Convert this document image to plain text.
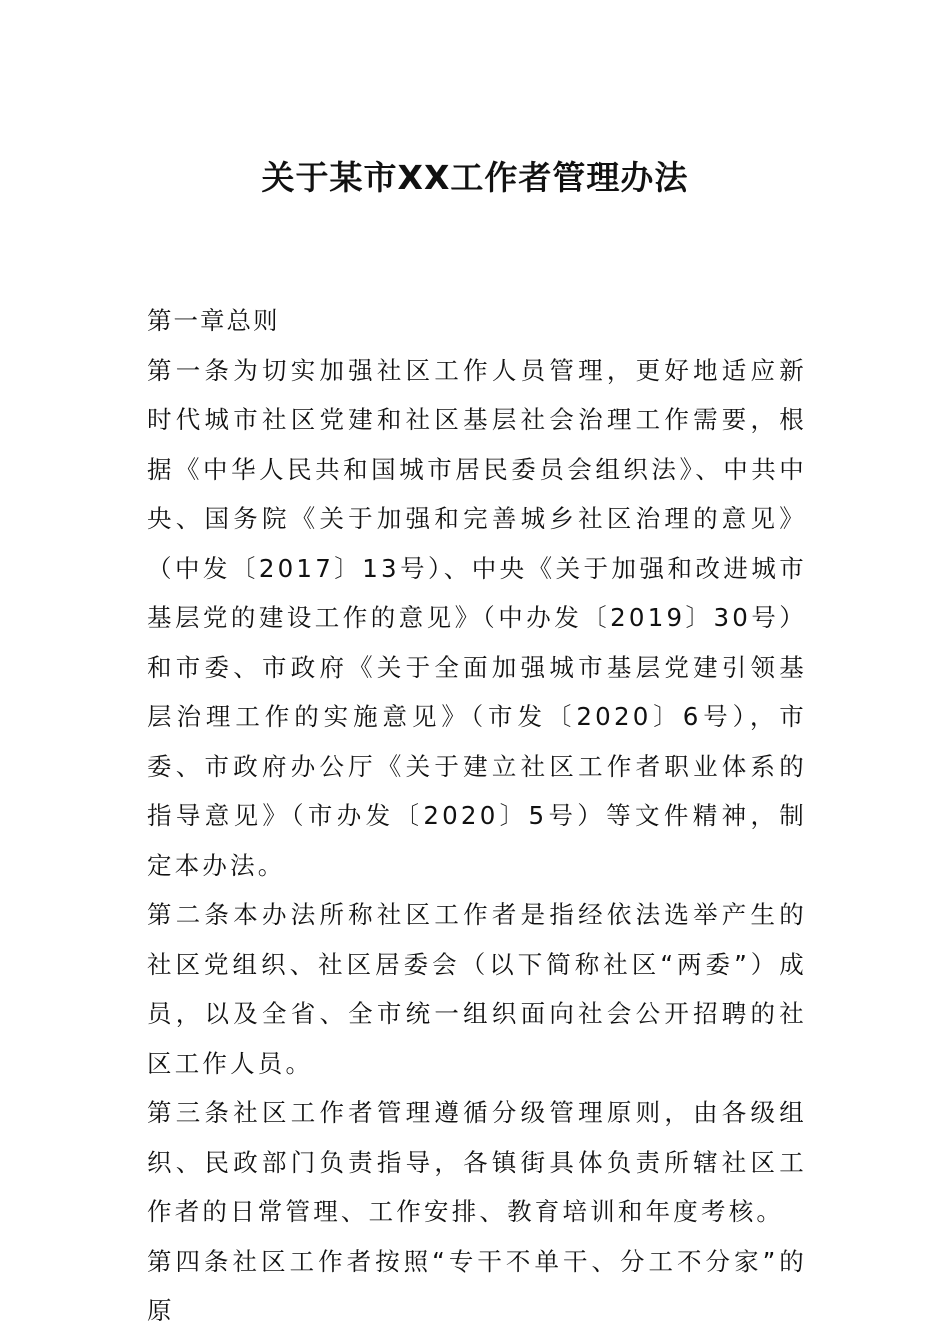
关于某市XX工作者管理办法

第一章总则

第一条为切实加强社区工作人员管理，更好地适应新时代城市社区党建和社区基层社会治理工作需要，根据《中华人民共和国城市居民委员会组织法》、中共中央、国务院《关于加强和完善城乡社区治理的意见》（中发〔2017〕13号）、中央《关于加强和改进城市基层党的建设工作的意见》（中办发〔2019〕30号）和市委、市政府《关于全面加强城市基层党建引领基层治理工作的实施意见》（市发〔2020〕6号），市委、市政府办公厅《关于建立社区工作者职业体系的指导意见》（市办发〔2020〕5号）等文件精神，制定本办法。

第二条本办法所称社区工作者是指经依法选举产生的社区党组织、社区居委会（以下简称社区“两委”）成员，以及全省、全市统一组织面向社会公开招聘的社区工作人员。

第三条社区工作者管理遵循分级管理原则，由各级组织、民政部门负责指导，各镇街具体负责所辖社区工作者的日常管理、工作安排、教育培训和年度考核。

第四条社区工作者按照“专干不单干、分工不分家”的原
